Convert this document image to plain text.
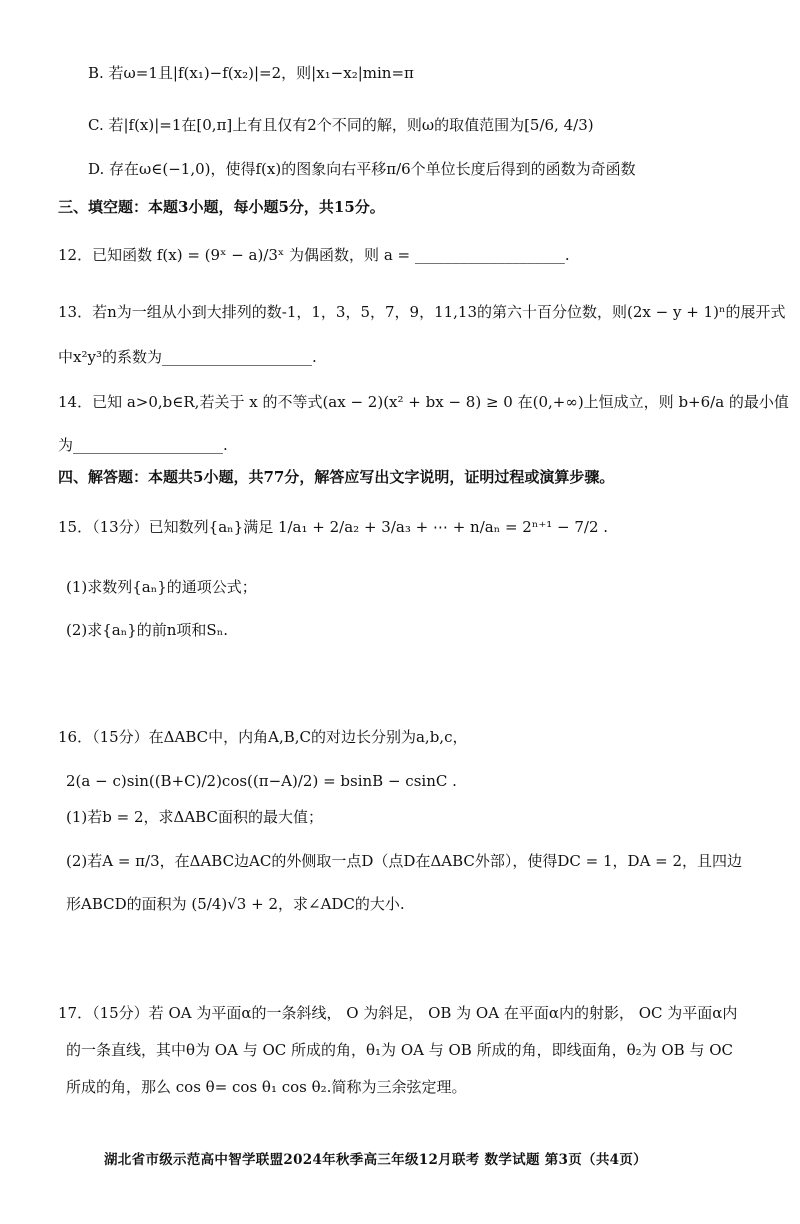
B. 若ω=1且|f(x₁)−f(x₂)|=2，则|x₁−x₂|min=π
C. 若|f(x)|=1在[0,π]上有且仅有2个不同的解，则ω的取值范围为[5/6, 4/3)
D. 存在ω∈(−1,0)，使得f(x)的图象向右平移π/6个单位长度后得到的函数为奇函数
三、填空题：本题3小题，每小题5分，共15分。
12．已知函数 f(x) = (9ˣ − a)/3ˣ 为偶函数，则 a = ____________________.
13．若n为一组从小到大排列的数-1，1，3，5，7，9，11,13的第六十百分位数，则(2x − y + 1)ⁿ的展开式
中x²y³的系数为____________________.
14．已知 a>0,b∈R,若关于 x 的不等式(ax − 2)(x² + bx − 8) ≥ 0 在(0,+∞)上恒成立，则 b+6/a 的最小值
为____________________.
四、解答题：本题共5小题，共77分，解答应写出文字说明，证明过程或演算步骤。
15．（13分）已知数列{aₙ}满足 1/a₁ + 2/a₂ + 3/a₃ + ⋯ + n/aₙ = 2ⁿ⁺¹ − 7/2 .
(1)求数列{aₙ}的通项公式；
(2)求{aₙ}的前n项和Sₙ.
16．（15分）在ΔABC中，内角A,B,C的对边长分别为a,b,c，
2(a − c)sin((B+C)/2)cos((π−A)/2) = bsinB − csinC .
(1)若b = 2，求ΔABC面积的最大值；
(2)若A = π/3，在ΔABC边AC的外侧取一点D（点D在ΔABC外部），使得DC = 1，DA = 2，且四边
形ABCD的面积为 (5/4)√3 + 2，求∠ADC的大小.
17．（15分）若 OA 为平面α的一条斜线， O 为斜足， OB 为 OA 在平面α内的射影， OC 为平面α内
的一条直线，其中θ为 OA 与 OC 所成的角，θ₁为 OA 与 OB 所成的角，即线面角，θ₂为 OB 与 OC
所成的角，那么 cos θ= cos θ₁ cos θ₂.简称为三余弦定理。
湖北省市级示范高中智学联盟2024年秋季高三年级12月联考 数学试题 第3页（共4页）
